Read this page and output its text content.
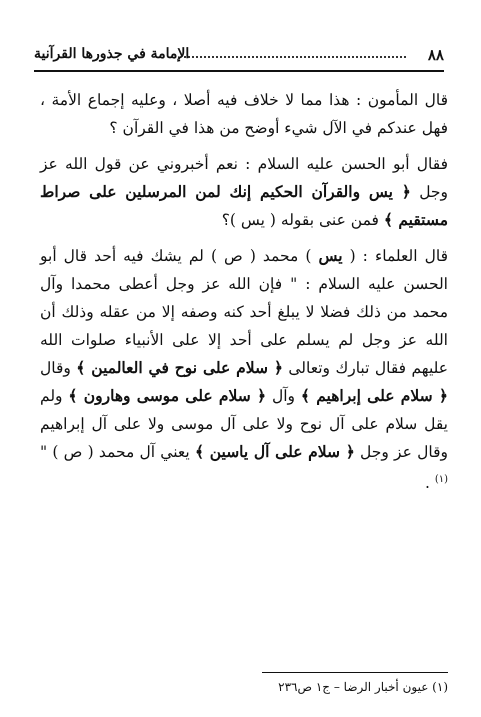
٨٨
الإمامة في جذورها القرآنية

قال المأمون : هذا مما لا خلاف فيه أصلا ، وعليه إجماع الأمة ، فهل عندكم في الآل شيء أوضح من هذا في القرآن ؟

فقال أبو الحسن عليه السلام : نعم أخبروني عن قول الله عز وجل ﴿ يس والقرآن الحكيم إنك لمن المرسلين على صراط مستقيم ﴾ فمن عنى بقوله ( يس )؟

قال العلماء : ( يس ) محمد ( ص ) لم يشك فيه أحد قال أبو الحسن عليه السلام : " فإن الله عز وجل أعطى محمدا وآل محمد من ذلك فضلا لا يبلغ أحد كنه وصفه إلا من عقله وذلك أن الله عز وجل لم يسلم على أحد إلا على الأنبياء صلوات الله عليهم فقال تبارك وتعالى ﴿ سلام على نوح في العالمين ﴾ وقال ﴿ سلام على إبراهيم ﴾ وآل ﴿ سلام على موسى وهارون ﴾ ولم يقل سلام على آل نوح ولا على آل موسى ولا على آل إبراهيم وقال عز وجل ﴿ سلام على آل ياسين ﴾ يعني آل محمد ( ص ) "$^{(١)}$ .

(١) عيون أخبار الرضا – ج١ ص٢٣٦
